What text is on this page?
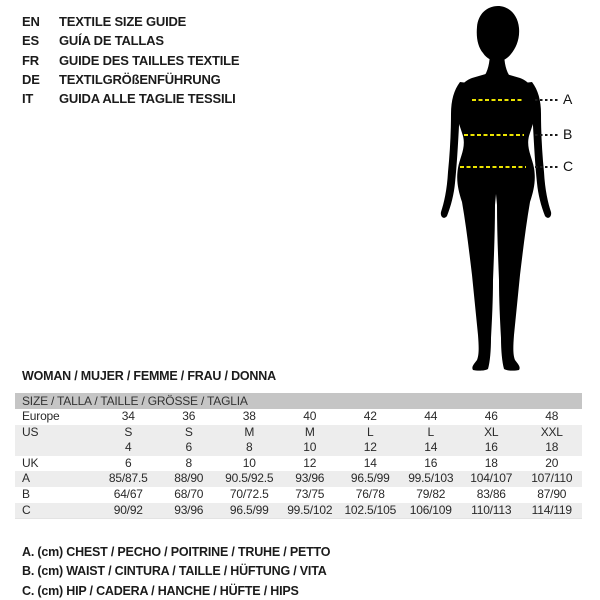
EN TEXTILE SIZE GUIDE
ES GUÍA DE TALLAS
FR GUIDE DES TAILLES TEXTILE
DE TEXTILGRÖßENFÜHRUNG
IT GUIDA ALLE TAGLIE TESSILI	A
B
C
WOMAN / MUJER / FEMME / FRAU / DONNA
SIZE / TALLA / TAILLE / GRÖSSE / TAGLIA								
Europe	34	36	38	40	42	44	46	48
US	S	S	M	M	L	L	XL	XXL
	4	6	8	10	12	14	16	18
UK	6	8	10	12	14	16	18	20
A	85/87.5	88/90	90.5/92.5	93/96	96.5/99	99.5/103	104/107	107/110
B	64/67	68/70	70/72.5	73/75	76/78	79/82	83/86	87/90
C	90/92	93/96	96.5/99	99.5/102	102.5/105	106/109	110/113	114/119
A. (cm) CHEST / PECHO / POITRINE / TRUHE / PETTO
B. (cm) WAIST / CINTURA / TAILLE / HÜFTUNG / VITA
C. (cm) HIP / CADERA / HANCHE / HÜFTE / HIPS
